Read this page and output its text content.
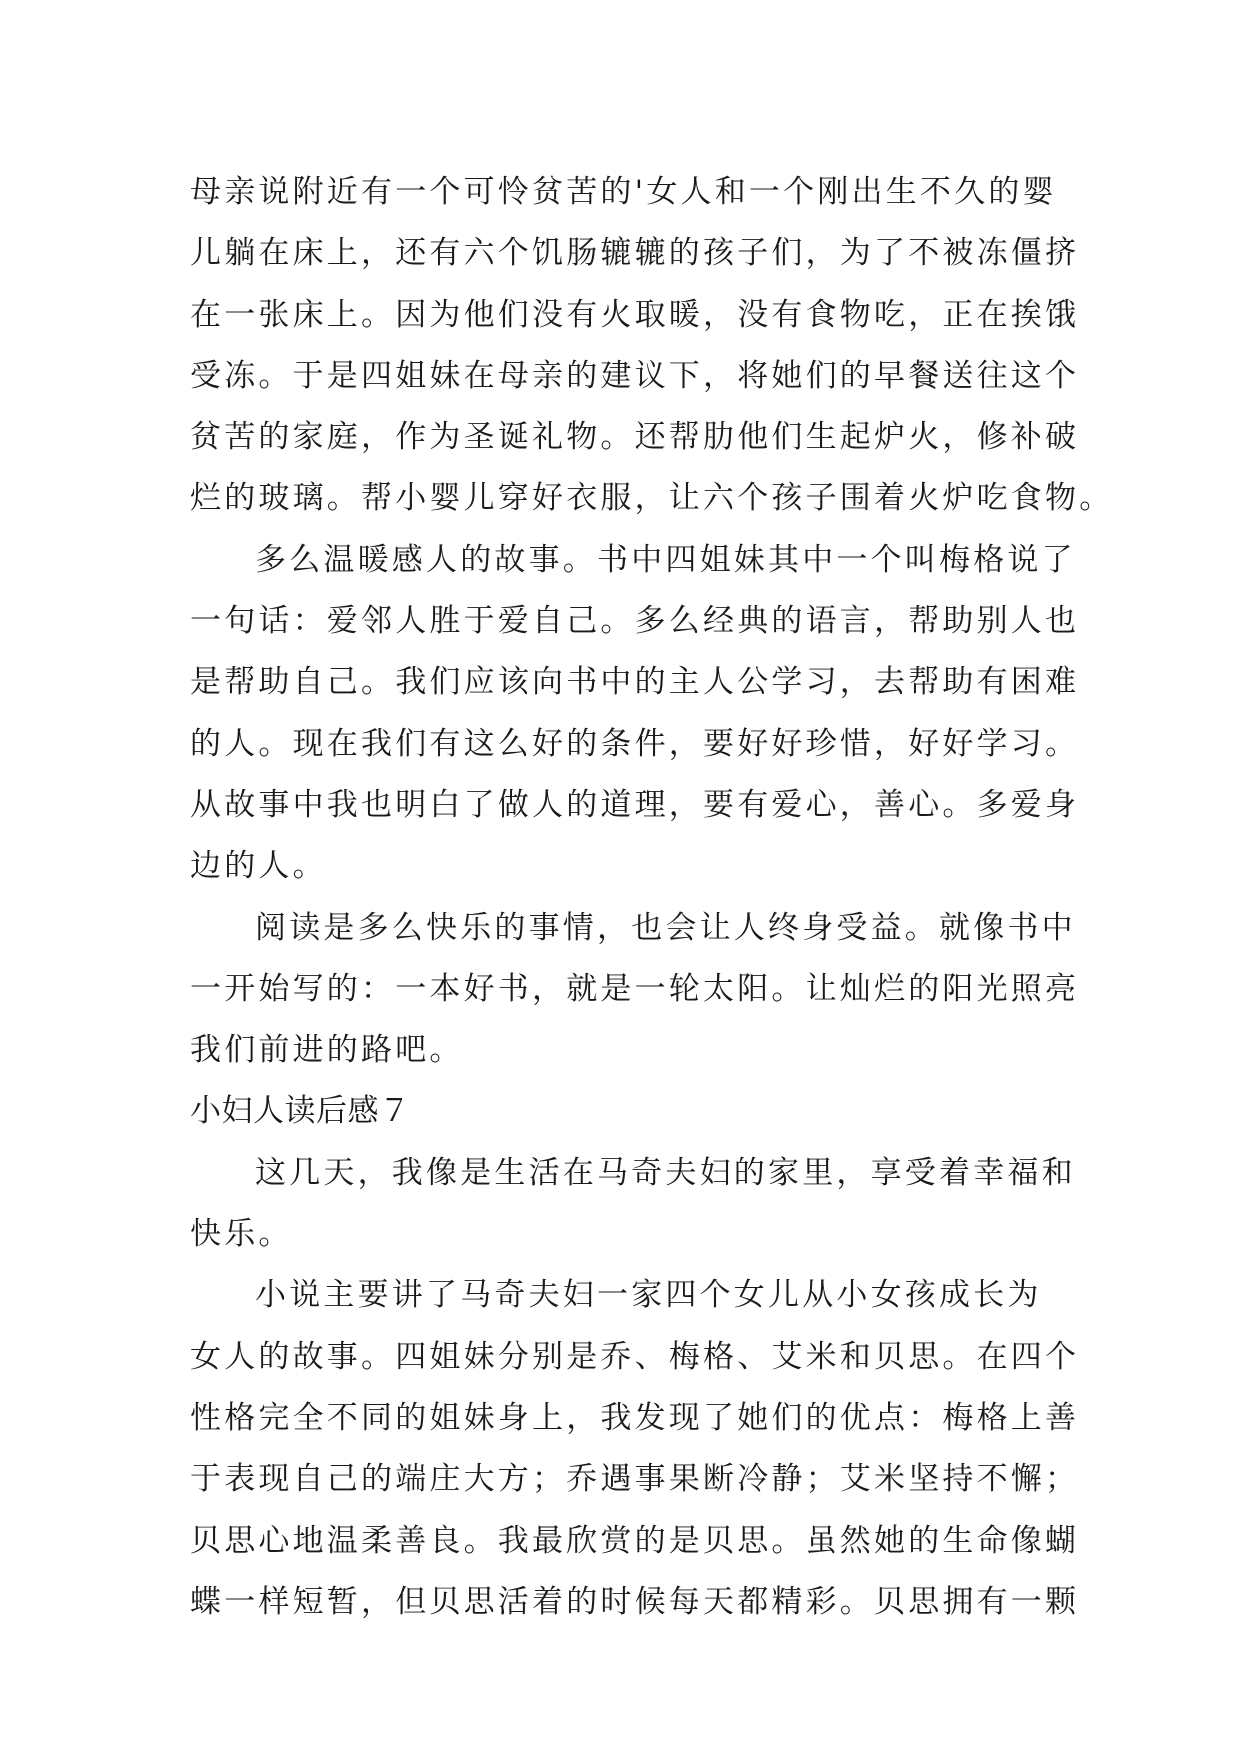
母亲说附近有一个可怜贫苦的'女人和一个刚出生不久的婴
儿躺在床上，还有六个饥肠辘辘的孩子们，为了不被冻僵挤
在一张床上。因为他们没有火取暖，没有食物吃，正在挨饿
受冻。于是四姐妹在母亲的建议下，将她们的早餐送往这个
贫苦的家庭，作为圣诞礼物。还帮肋他们生起炉火，修补破
烂的玻璃。帮小婴儿穿好衣服，让六个孩子围着火炉吃食物。
多么温暖感人的故事。书中四姐妹其中一个叫梅格说了
一句话：爱邻人胜于爱自己。多么经典的语言，帮助别人也
是帮助自己。我们应该向书中的主人公学习，去帮助有困难
的人。现在我们有这么好的条件，要好好珍惜，好好学习。
从故事中我也明白了做人的道理，要有爱心，善心。多爱身
边的人。
阅读是多么快乐的事情，也会让人终身受益。就像书中
一开始写的：一本好书，就是一轮太阳。让灿烂的阳光照亮
我们前进的路吧。
小妇人读后感７
这几天，我像是生活在马奇夫妇的家里，享受着幸福和
快乐。
小说主要讲了马奇夫妇一家四个女儿从小女孩成长为
女人的故事。四姐妹分别是乔、梅格、艾米和贝思。在四个
性格完全不同的姐妹身上，我发现了她们的优点：梅格上善
于表现自己的端庄大方；乔遇事果断冷静；艾米坚持不懈；
贝思心地温柔善良。我最欣赏的是贝思。虽然她的生命像蝴
蝶一样短暂，但贝思活着的时候每天都精彩。贝思拥有一颗
